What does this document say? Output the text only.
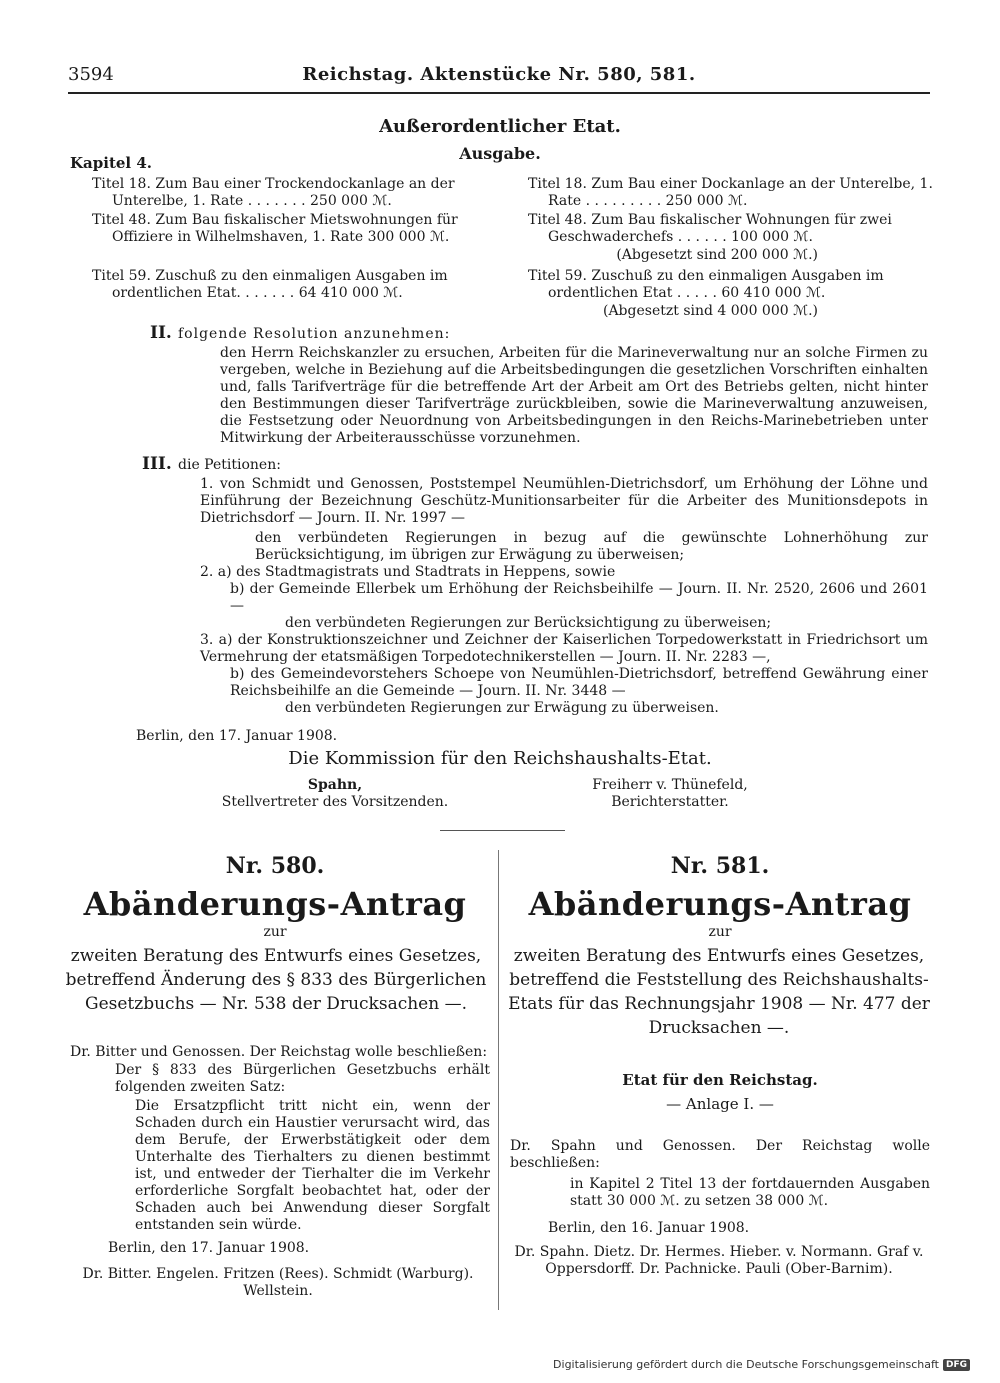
3594	Reichstag. Aktenstücke Nr. 580, 581.
Außerordentlicher Etat.
Ausgabe.
Kapitel 4.
Titel 18. Zum Bau einer Trockendockanlage an der Unterelbe, 1. Rate . . . . . . . 250 000 ℳ.
Titel 48. Zum Bau fiskalischer Mietswohnungen für Offiziere in Wilhelmshaven, 1. Rate 300 000 ℳ.
Titel 59. Zuschuß zu den einmaligen Ausgaben im ordentlichen Etat. . . . . . . 64 410 000 ℳ.
Titel 18. Zum Bau einer Dockanlage an der Unterelbe, 1. Rate . . . . . . . . . 250 000 ℳ.
Titel 48. Zum Bau fiskalischer Wohnungen für zwei Geschwaderchefs . . . . . . 100 000 ℳ.
(Abgesetzt sind 200 000 ℳ.)
Titel 59. Zuschuß zu den einmaligen Ausgaben im ordentlichen Etat . . . . . 60 410 000 ℳ.
(Abgesetzt sind 4 000 000 ℳ.)
II. folgende Resolution anzunehmen:
den Herrn Reichskanzler zu ersuchen, Arbeiten für die Marineverwaltung nur an solche Firmen zu vergeben, welche in Beziehung auf die Arbeitsbedingungen die gesetzlichen Vorschriften einhalten und, falls Tarifverträge für die betreffende Art der Arbeit am Ort des Betriebs gelten, nicht hinter den Bestimmungen dieser Tarifverträge zurückbleiben, sowie die Marineverwaltung anzuweisen, die Festsetzung oder Neuordnung von Arbeitsbedingungen in den Reichs-Marinebetrieben unter Mitwirkung der Arbeiterausschüsse vorzunehmen.
III. die Petitionen:
1. von Schmidt und Genossen, Poststempel Neumühlen-Dietrichsdorf, um Erhöhung der Löhne und Einführung der Bezeichnung Geschütz-Munitionsarbeiter für die Arbeiter des Munitionsdepots in Dietrichsdorf — Journ. II. Nr. 1997 —
den verbündeten Regierungen in bezug auf die gewünschte Lohnerhöhung zur Berücksichtigung, im übrigen zur Erwägung zu überweisen;
2. a) des Stadtmagistrats und Stadtrats in Heppens, sowie
b) der Gemeinde Ellerbek um Erhöhung der Reichsbeihilfe — Journ. II. Nr. 2520, 2606 und 2601 —
den verbündeten Regierungen zur Berücksichtigung zu überweisen;
3. a) der Konstruktionszeichner und Zeichner der Kaiserlichen Torpedowerkstatt in Friedrichsort um Vermehrung der etatsmäßigen Torpedotechnikerstellen — Journ. II. Nr. 2283 —,
b) des Gemeindevorstehers Schoepe von Neumühlen-Dietrichsdorf, betreffend Gewährung einer Reichsbeihilfe an die Gemeinde — Journ. II. Nr. 3448 —
den verbündeten Regierungen zur Erwägung zu überweisen.
Berlin, den 17. Januar 1908.
Die Kommission für den Reichshaushalts-Etat.
Spahn,
Stellvertreter des Vorsitzenden.
Freiherr v. Thünefeld,
Berichterstatter.
Nr. 580.
Abänderungs-Antrag
zur
zweiten Beratung des Entwurfs eines Gesetzes, betreffend Änderung des § 833 des Bürgerlichen Gesetzbuchs — Nr. 538 der Drucksachen —.
Dr. Bitter und Genossen. Der Reichstag wolle beschließen:
Der § 833 des Bürgerlichen Gesetzbuchs erhält folgenden zweiten Satz:
Die Ersatzpflicht tritt nicht ein, wenn der Schaden durch ein Haustier verursacht wird, das dem Berufe, der Erwerbstätigkeit oder dem Unterhalte des Tierhalters zu dienen bestimmt ist, und entweder der Tierhalter die im Verkehr erforderliche Sorgfalt beobachtet hat, oder der Schaden auch bei Anwendung dieser Sorgfalt entstanden sein würde.
Berlin, den 17. Januar 1908.
Dr. Bitter. Engelen. Fritzen (Rees). Schmidt (Warburg). Wellstein.
Nr. 581.
Abänderungs-Antrag
zur
zweiten Beratung des Entwurfs eines Gesetzes, betreffend die Feststellung des Reichshaushalts-Etats für das Rechnungsjahr 1908 — Nr. 477 der Drucksachen —.
Etat für den Reichstag.
— Anlage I. —
Dr. Spahn und Genossen. Der Reichstag wolle beschließen:
in Kapitel 2 Titel 13 der fortdauernden Ausgaben statt 30 000 ℳ. zu setzen 38 000 ℳ.
Berlin, den 16. Januar 1908.
Dr. Spahn. Dietz. Dr. Hermes. Hieber. v. Normann. Graf v. Oppersdorff. Dr. Pachnicke. Pauli (Ober-Barnim).
Digitalisierung gefördert durch die Deutsche Forschungsgemeinschaft DFG
